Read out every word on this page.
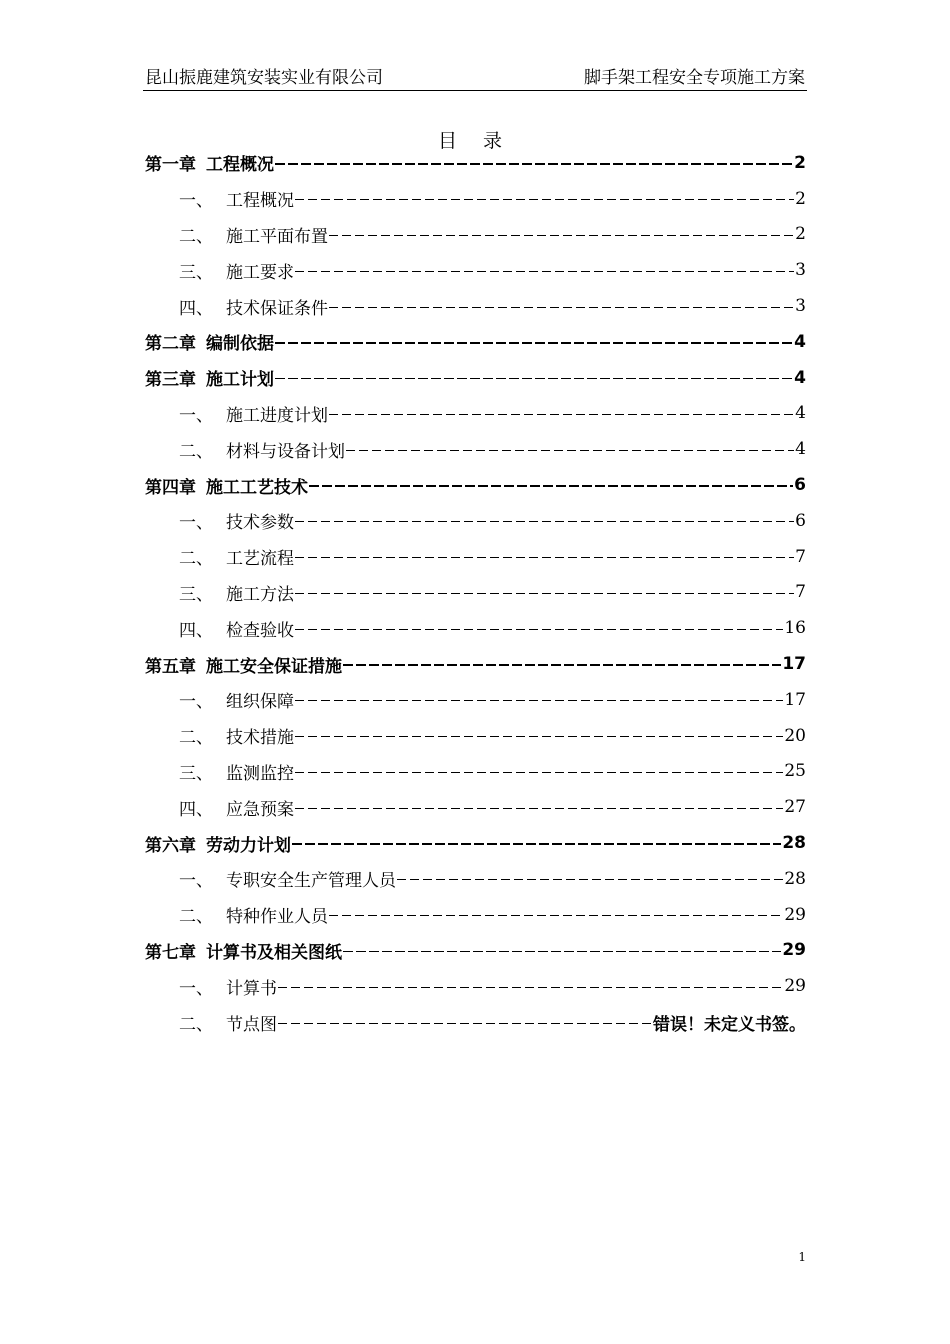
昆山振鹿建筑安装实业有限公司	脚手架工程安全专项施工方案
目 录
第一章 工程概况	2
一、 工程概况	2
二、 施工平面布置	2
三、 施工要求	3
四、 技术保证条件	3
第二章 编制依据	4
第三章 施工计划	4
一、 施工进度计划	4
二、 材料与设备计划	4
第四章 施工工艺技术	6
一、 技术参数	6
二、 工艺流程	7
三、 施工方法	7
四、 检查验收	16
第五章 施工安全保证措施	17
一、 组织保障	17
二、 技术措施	20
三、 监测监控	25
四、 应急预案	27
第六章 劳动力计划	28
一、 专职安全生产管理人员	28
二、 特种作业人员	29
第七章 计算书及相关图纸	29
一、 计算书	29
二、 节点图	错误！未定义书签。
1
